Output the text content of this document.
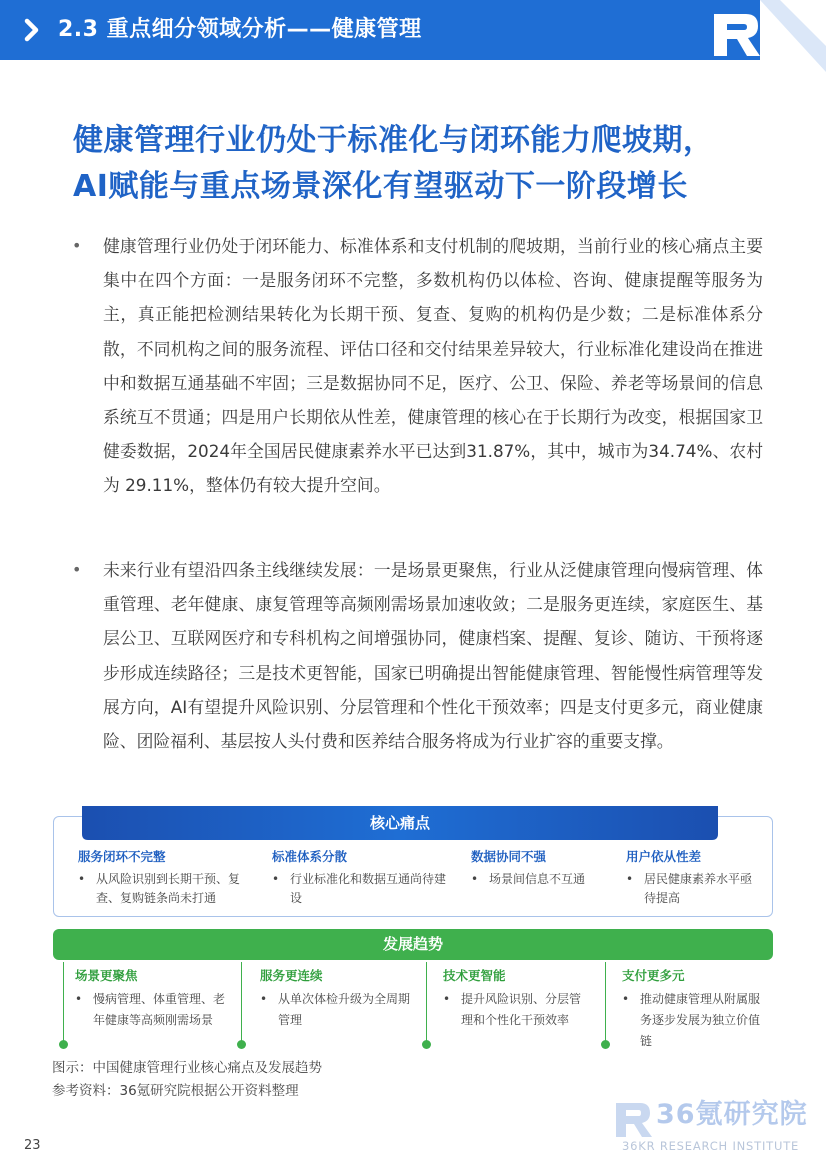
2.3 重点细分领域分析——健康管理
健康管理行业仍处于标准化与闭环能力爬坡期，
AI赋能与重点场景深化有望驱动下一阶段增长
• 健康管理行业仍处于闭环能力、标准体系和支付机制的爬坡期，当前行业的核心痛点主要集中在四个方面：一是服务闭环不完整，多数机构仍以体检、咨询、健康提醒等服务为主，真正能把检测结果转化为长期干预、复查、复购的机构仍是少数；二是标准体系分散，不同机构之间的服务流程、评估口径和交付结果差异较大，行业标准化建设尚在推进中和数据互通基础不牢固；三是数据协同不足，医疗、公卫、保险、养老等场景间的信息系统互不贯通；四是用户长期依从性差，健康管理的核心在于长期行为改变，根据国家卫健委数据，2024年全国居民健康素养水平已达到31.87%，其中，城市为34.74%、农村为 29.11%，整体仍有较大提升空间。
• 未来行业有望沿四条主线继续发展：一是场景更聚焦，行业从泛健康管理向慢病管理、体重管理、老年健康、康复管理等高频刚需场景加速收敛；二是服务更连续，家庭医生、基层公卫、互联网医疗和专科机构之间增强协同，健康档案、提醒、复诊、随访、干预将逐步形成连续路径；三是技术更智能，国家已明确提出智能健康管理、智能慢性病管理等发展方向，AI有望提升风险识别、分层管理和个性化干预效率；四是支付更多元，商业健康险、团险福利、基层按人头付费和医养结合服务将成为行业扩容的重要支撑。
核心痛点
服务闭环不完整
• 从风险识别到长期干预、复查、复购链条尚未打通
标准体系分散
• 行业标准化和数据互通尚待建设
数据协同不强
• 场景间信息不互通
用户依从性差
• 居民健康素养水平亟待提高
发展趋势
场景更聚焦
• 慢病管理、体重管理、老年健康等高频刚需场景
服务更连续
• 从单次体检升级为全周期管理
技术更智能
• 提升风险识别、分层管理和个性化干预效率
支付更多元
• 推动健康管理从附属服务逐步发展为独立价值链
图示：中国健康管理行业核心痛点及发展趋势
参考资料：36氪研究院根据公开资料整理
23
36氪研究院
36KR RESEARCH INSTITUTE
